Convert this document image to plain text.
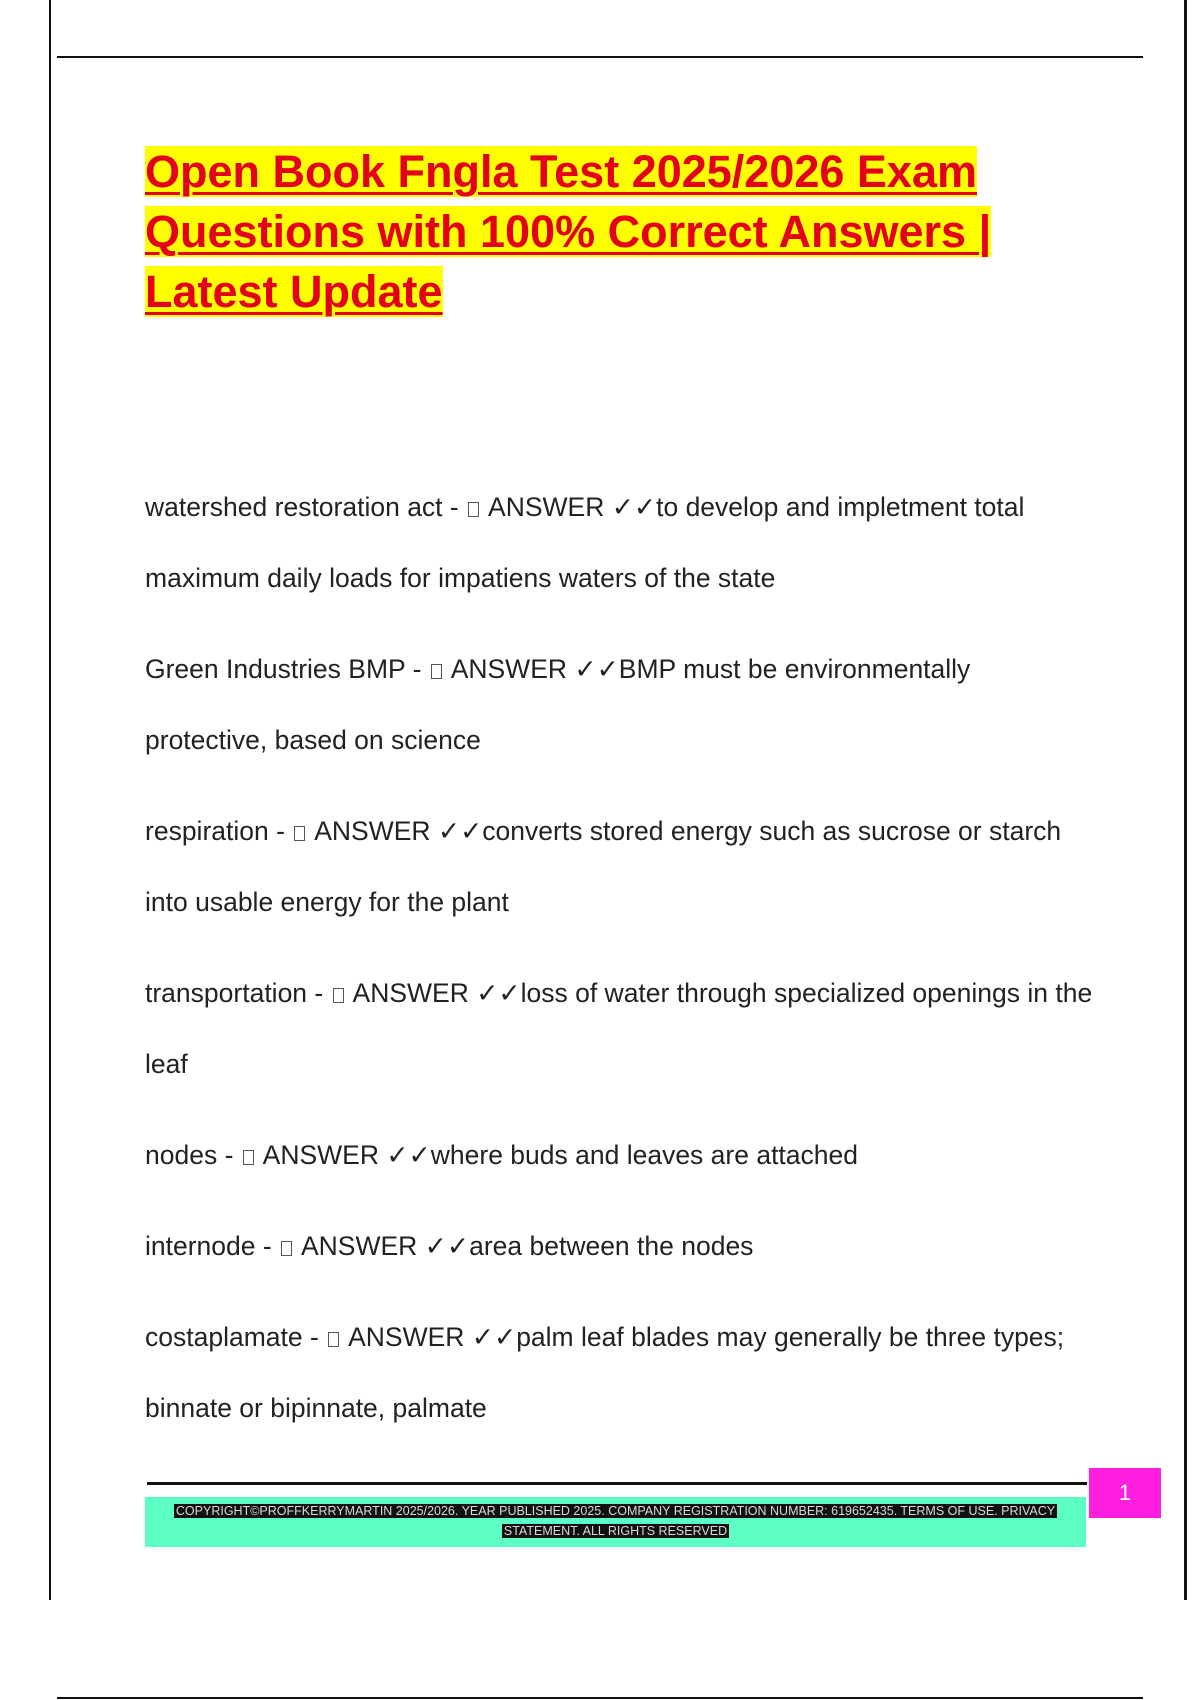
Open Book Fngla Test 2025/2026 Exam Questions with 100% Correct Answers | Latest Update
watershed restoration act -  ANSWER ✓✓to develop and impletment total maximum daily loads for impatiens waters of the state
Green Industries BMP -  ANSWER ✓✓BMP must be environmentally protective, based on science
respiration -  ANSWER ✓✓converts stored energy such as sucrose or starch into usable energy for the plant
transportation -  ANSWER ✓✓loss of water through specialized openings in the leaf
nodes -  ANSWER ✓✓where buds and leaves are attached
internode -  ANSWER ✓✓area between the nodes
costaplamate -  ANSWER ✓✓palm leaf blades may generally be three types; binnate or bipinnate, palmate
1
COPYRIGHT©PROFFKERRYMARTIN 2025/2026. YEAR PUBLISHED 2025. COMPANY REGISTRATION NUMBER: 619652435. TERMS OF USE. PRIVACY STATEMENT. ALL RIGHTS RESERVED
